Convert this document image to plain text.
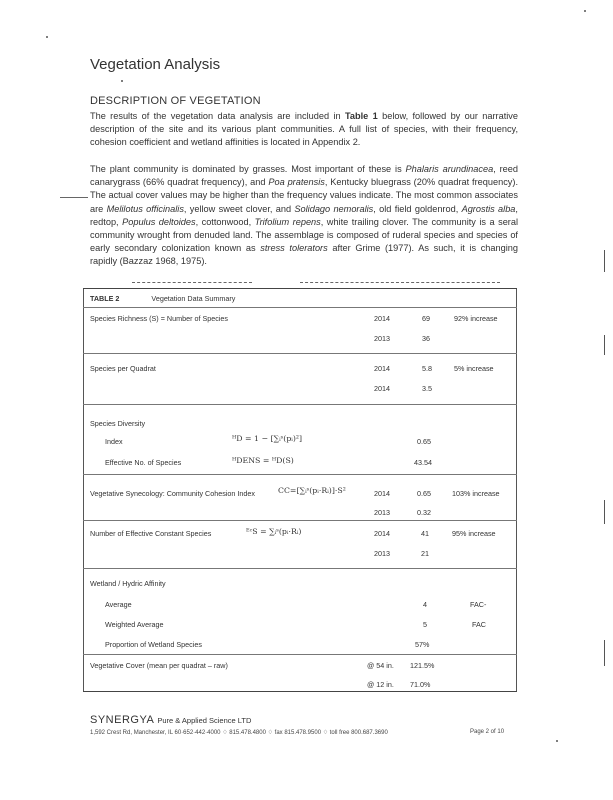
Vegetation Analysis
DESCRIPTION OF VEGETATION
The results of the vegetation data analysis are included in Table 1 below, followed by our narrative description of the site and its various plant communities. A full list of species, with their frequency, cohesion coefficient and wetland affinities is located in Appendix 2.
The plant community is dominated by grasses. Most important of these is Phalaris arundinacea, reed canarygrass (66% quadrat frequency), and Poa pratensis, Kentucky bluegrass (20% quadrat frequency). The actual cover values may be higher than the frequency values indicate. The most common associates are Melilotus officinalis, yellow sweet clover, and Solidago nemoralis, old field goldenrod, Agrostis alba, redtop, Populus deltoides, cottonwood, Trifolium repens, white trailing clover. The community is a seral community wrought from denuded land. The assemblage is composed of ruderal species and species of early secondary colonization known as stress tolerators after Grime (1977). As such, it is changing rapidly (Bazzaz 1968, 1975).
TABLE 2	Vegetation Data Summary
Species Richness (S) = Number of Species	2014	69	92% increase
2013	36
Species per Quadrat	2014	5.8	5% increase
2014	3.5
Species Diversity
Index	ᴴD = 1 − [∑ᵢˢ(pᵢ)²]	0.65
Effective No. of Species	ᴴDENS = ᴴD(S)	43.54
Vegetative Synecology: Community Cohesion Index	CC=[∑ᵢˢ(pᵢ·Rᵢ)]·S²	2014	0.65	103% increase
2013	0.32
Number of Effective Constant Species	ᴱᶜS = ∑ᵢˢ(pᵢ·Rᵢ)	2014	41	95% increase
2013	21
Wetland / Hydric Affinity
Average	4	FAC-
Weighted Average	5	FAC
Proportion of Wetland Species	57%
Vegetative Cover (mean per quadrat – raw)	@ 54 in. 121.5%
@ 12 in. 71.0%
SYNERGYA Pure & Applied Science LTD
1,592 Crest Rd, Manchester, IL 60·652·442·4000 ♢ 815.478.4800 ♢ fax 815.478.9500 ♢ toll free 800.687.3690	Page 2 of 10
